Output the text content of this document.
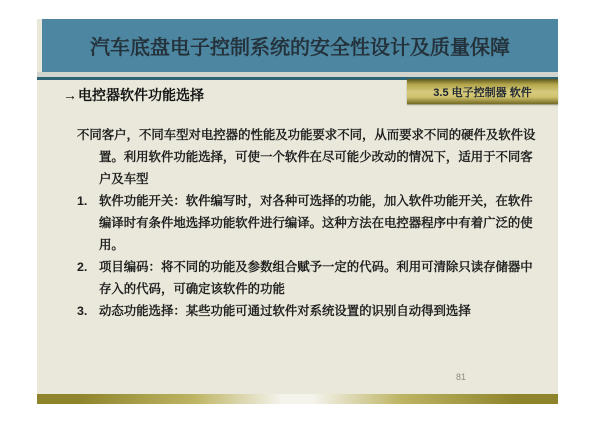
汽车底盘电子控制系统的安全性设计及质量保障
3.5 电子控制器 软件
→电控器软件功能选择

不同客户，不同车型对电控器的性能及功能要求不同，从而要求不同的硬件及软件设置。利用软件功能选择，可使一个软件在尽可能少改动的情况下，适用于不同客户及车型

1. 软件功能开关：软件编写时，对各种可选择的功能，加入软件功能开关，在软件编译时有条件地选择功能软件进行编译。这种方法在电控器程序中有着广泛的使用。
2. 项目编码：将不同的功能及参数组合赋予一定的代码。利用可清除只读存储器中存入的代码，可确定该软件的功能
3. 动态功能选择：某些功能可通过软件对系统设置的识别自动得到选择
81
